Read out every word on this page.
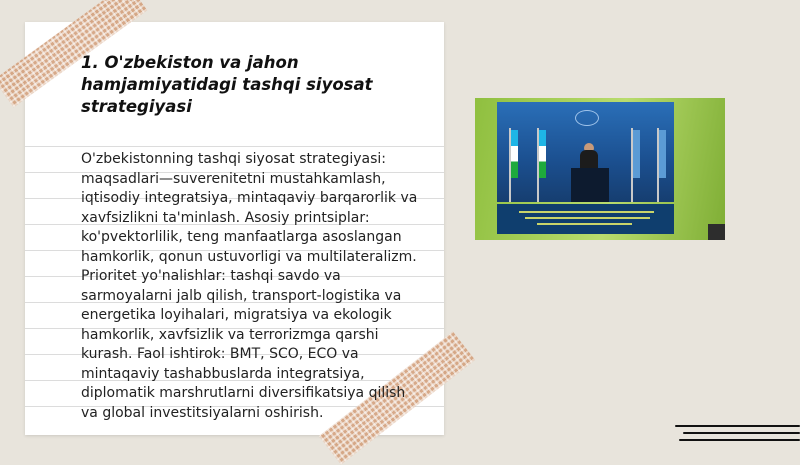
1. O'zbekiston va jahon hamjamiyatidagi tashqi siyosat strategiyasi

O'zbekistonning tashqi siyosat strategiyasi: maqsadlari—suverenitetni mustahkamlash, iqtisodiy integratsiya, mintaqaviy barqarorlik va xavfsizlikni ta'minlash. Asosiy printsiplar: ko'pvektorlilik, teng manfaatlarga asoslangan hamkorlik, qonun ustuvorligi va multilateralizm. Prioritet yo'nalishlar: tashqi savdo va sarmoyalarni jalb qilish, transport-logistika va energetika loyihalari, migratsiya va ekologik hamkorlik, xavfsizlik va terrorizmga qarshi kurash. Faol ishtirok: BMT, SCO, ECO va mintaqaviy tashabbuslarda integratsiya, diplomatik marshrutlarni diversifikatsiya qilish va global investitsiyalarni oshirish.
